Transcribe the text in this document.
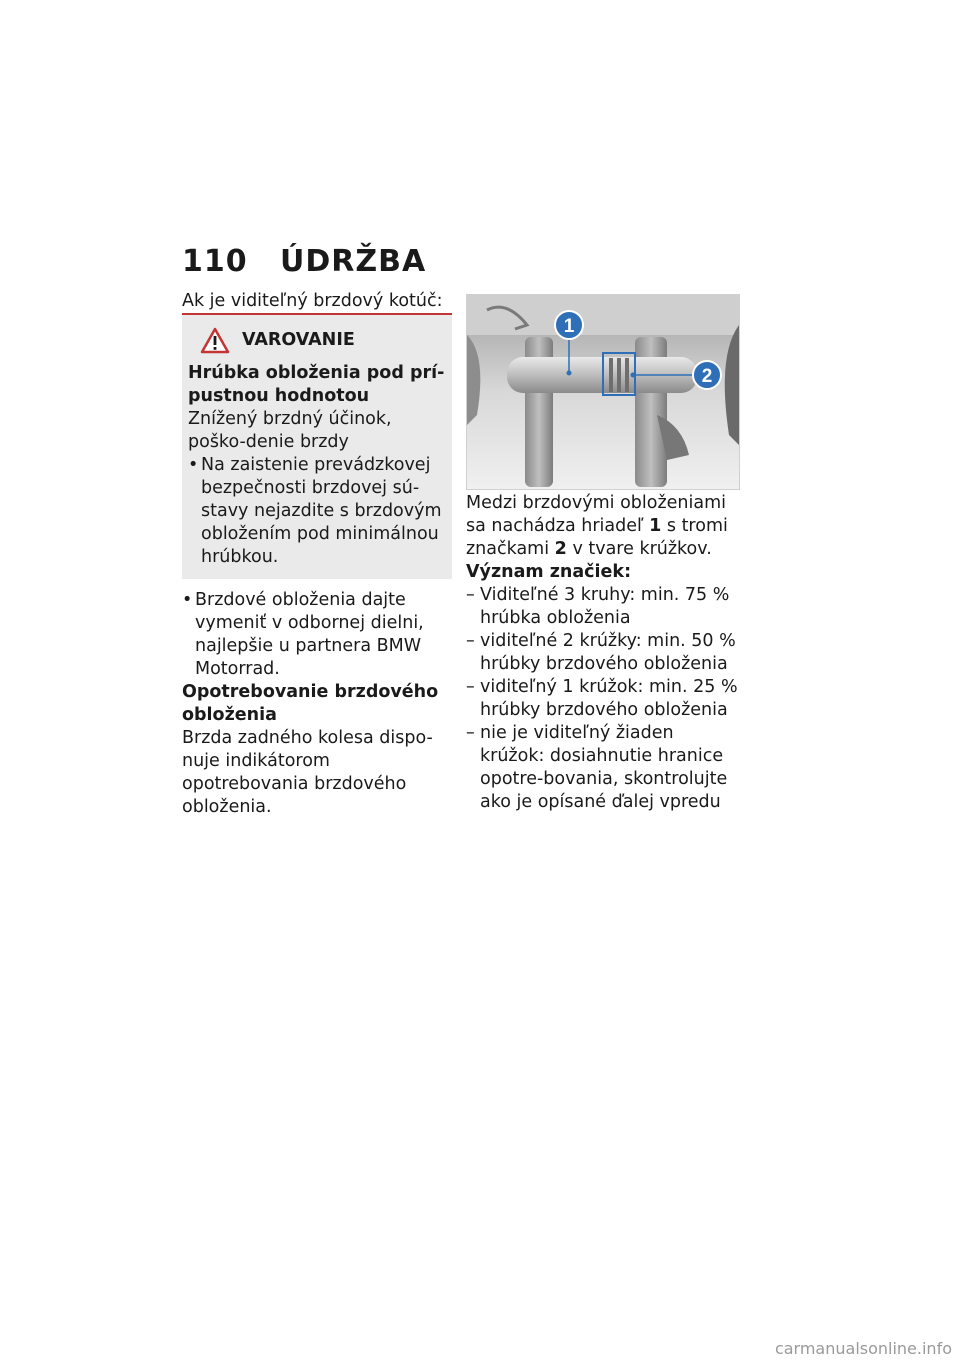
110 ÚDRŽBA

Ak je viditeľný brzdový kotúč:

VAROVANIE

Hrúbka obloženia pod prí-pustnou hodnotou

Znížený brzdný účinok, poško-denie brzdy

• Na zaistenie prevádzkovej bezpečnosti brzdovej sú-stavy nejazdite s brzdovým obložením pod minimálnou hrúbkou.
• Brzdové obloženia dajte vymeniť v odbornej dielni, najlepšie u partnera BMW Motorrad.

Opotrebovanie brzdového obloženia

Brzda zadného kolesa dispo-nuje indikátorom opotrebovania brzdového obloženia.

1
2

Medzi brzdovými obloženiami sa nachádza hriadeľ 1 s tromi značkami 2 v tvare krúžkov.

Význam značiek:

– Viditeľné 3 kruhy: min. 75 % hrúbka obloženia
– viditeľné 2 krúžky: min. 50 % hrúbky brzdového obloženia
– viditeľný 1 krúžok: min. 25 % hrúbky brzdového obloženia
– nie je viditeľný žiaden krúžok: dosiahnutie hranice opotre-bovania, skontrolujte ako je opísané ďalej vpredu
carmanualsonline.info
